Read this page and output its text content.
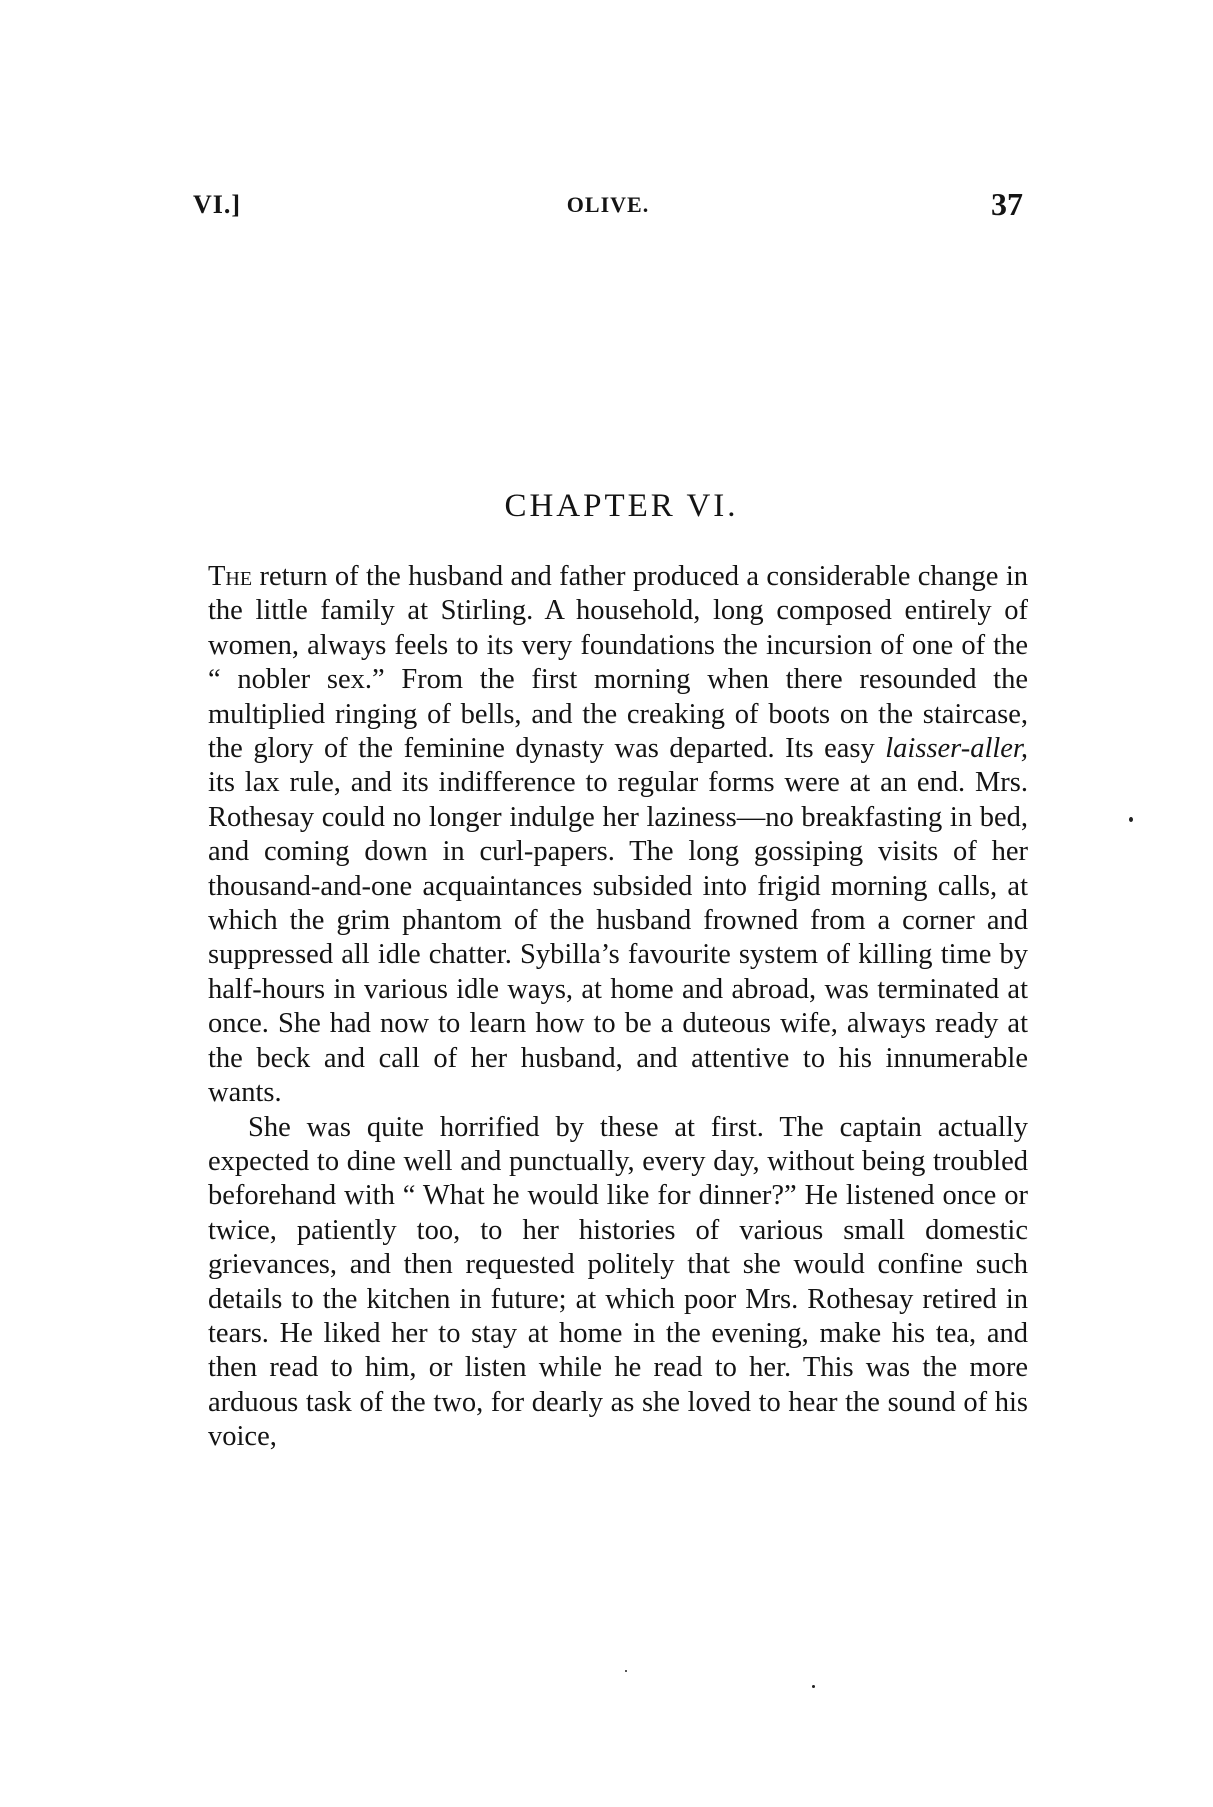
VI.]	OLIVE.	37
CHAPTER VI.

The return of the husband and father produced a considerable change in the little family at Stirling. A household, long composed entirely of women, always feels to its very foundations the incursion of one of the “ nobler sex.” From the first morning when there resounded the multiplied ringing of bells, and the creaking of boots on the staircase, the glory of the feminine dynasty was departed. Its easy laisser-aller, its lax rule, and its indifference to regular forms were at an end. Mrs. Rothesay could no longer indulge her laziness—no breakfasting in bed, and coming down in curl-papers. The long gossiping visits of her thousand-and-one acquaintances subsided into frigid morning calls, at which the grim phantom of the husband frowned from a corner and suppressed all idle chatter. Sybilla’s favourite system of killing time by half-hours in various idle ways, at home and abroad, was terminated at once. She had now to learn how to be a duteous wife, always ready at the beck and call of her husband, and attentive to his innumerable wants.

She was quite horrified by these at first. The captain actually expected to dine well and punctually, every day, without being troubled beforehand with “ What he would like for dinner?” He listened once or twice, patiently too, to her histories of various small domestic grievances, and then requested politely that she would confine such details to the kitchen in future; at which poor Mrs. Rothesay retired in tears. He liked her to stay at home in the evening, make his tea, and then read to him, or listen while he read to her. This was the more arduous task of the two, for dearly as she loved to hear the sound of his voice,
